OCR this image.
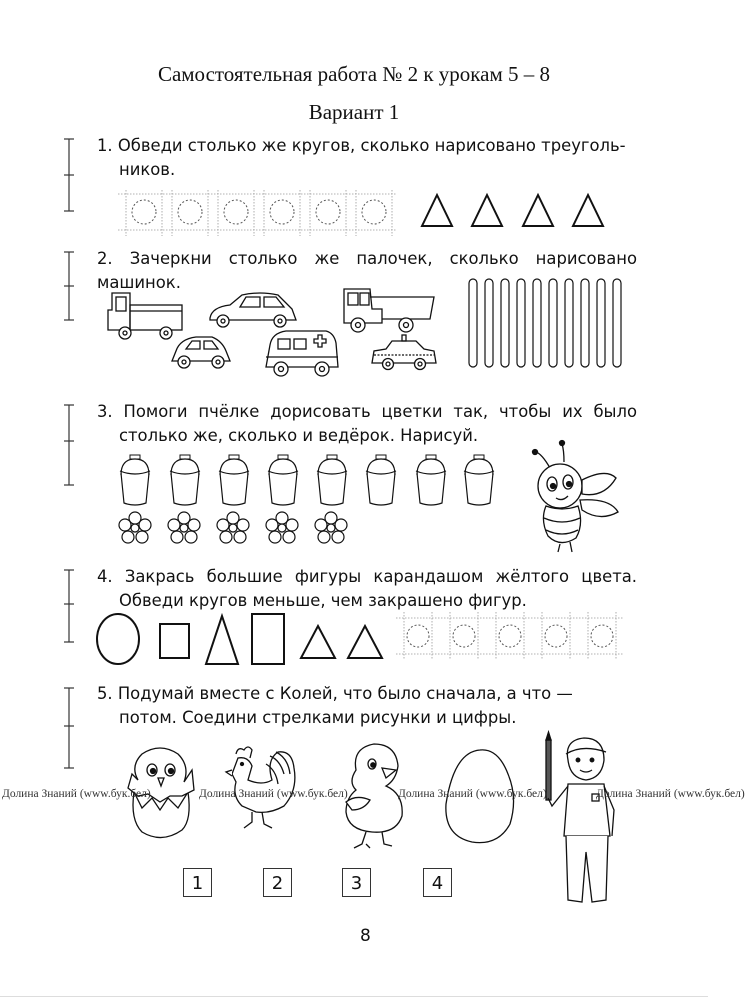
Самостоятельная работа № 2 к урокам 5 – 8
Вариант 1
1. Обведи столько же кругов, сколько нарисовано треуголь-
ников.
2. Зачеркни столько же палочек, сколько нарисовано
машинок.
3. Помоги пчёлке дорисовать цветки так, чтобы их было
столько же, сколько и ведёрок. Нарисуй.
4. Закрась большие фигуры карандашом жёлтого цвета.
Обведи кругов меньше, чем закрашено фигур.
5. Подумай вместе с Колей, что было сначала, а что —
потом. Соедини стрелками рисунки и цифры.
Долина Знаний (www.бук.бел)	Долина Знаний (www.бук.бел)	Долина Знаний (www.бук.бел)	Долина Знаний (www.бук.бел)
1	2	3	4
8
